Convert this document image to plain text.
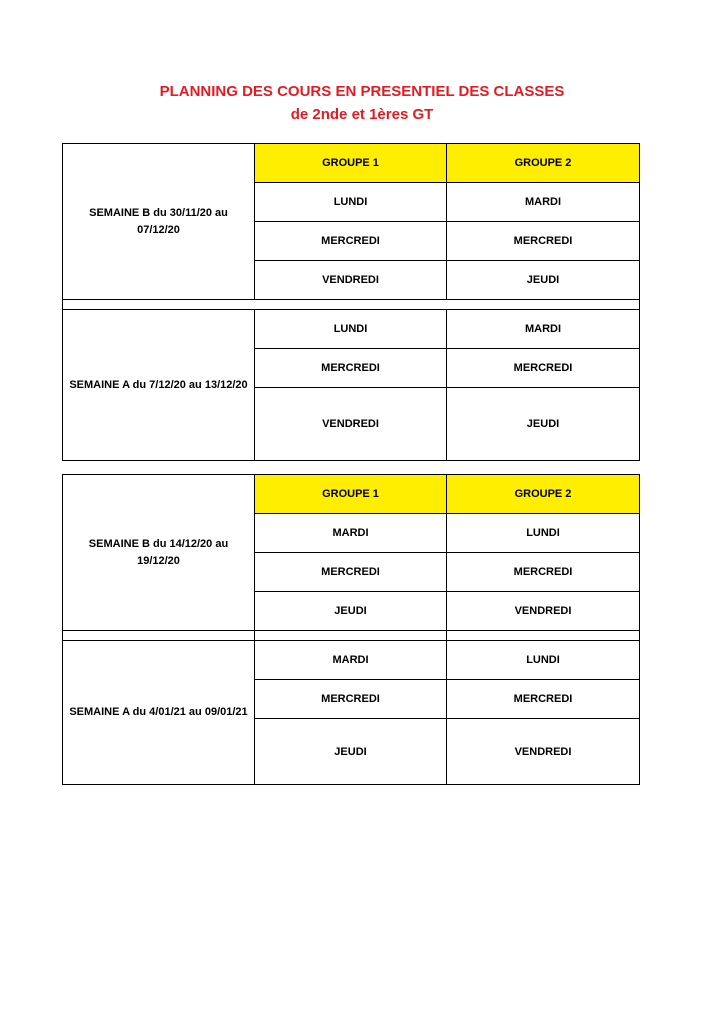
PLANNING DES COURS EN PRESENTIEL DES CLASSES
de 2nde et 1ères GT
SEMAINE B du 30/11/20 au 07/12/20	GROUPE 1	GROUPE 2
	LUNDI	MARDI
	MERCREDI	MERCREDI
	VENDREDI	JEUDI

SEMAINE A du 7/12/20 au 13/12/20	LUNDI	MARDI
	MERCREDI	MERCREDI
	VENDREDI	JEUDI
SEMAINE B du 14/12/20 au 19/12/20	GROUPE 1	GROUPE 2
	MARDI	LUNDI
	MERCREDI	MERCREDI
	JEUDI	VENDREDI

SEMAINE A du 4/01/21 au 09/01/21	MARDI	LUNDI
	MERCREDI	MERCREDI
	JEUDI	VENDREDI
